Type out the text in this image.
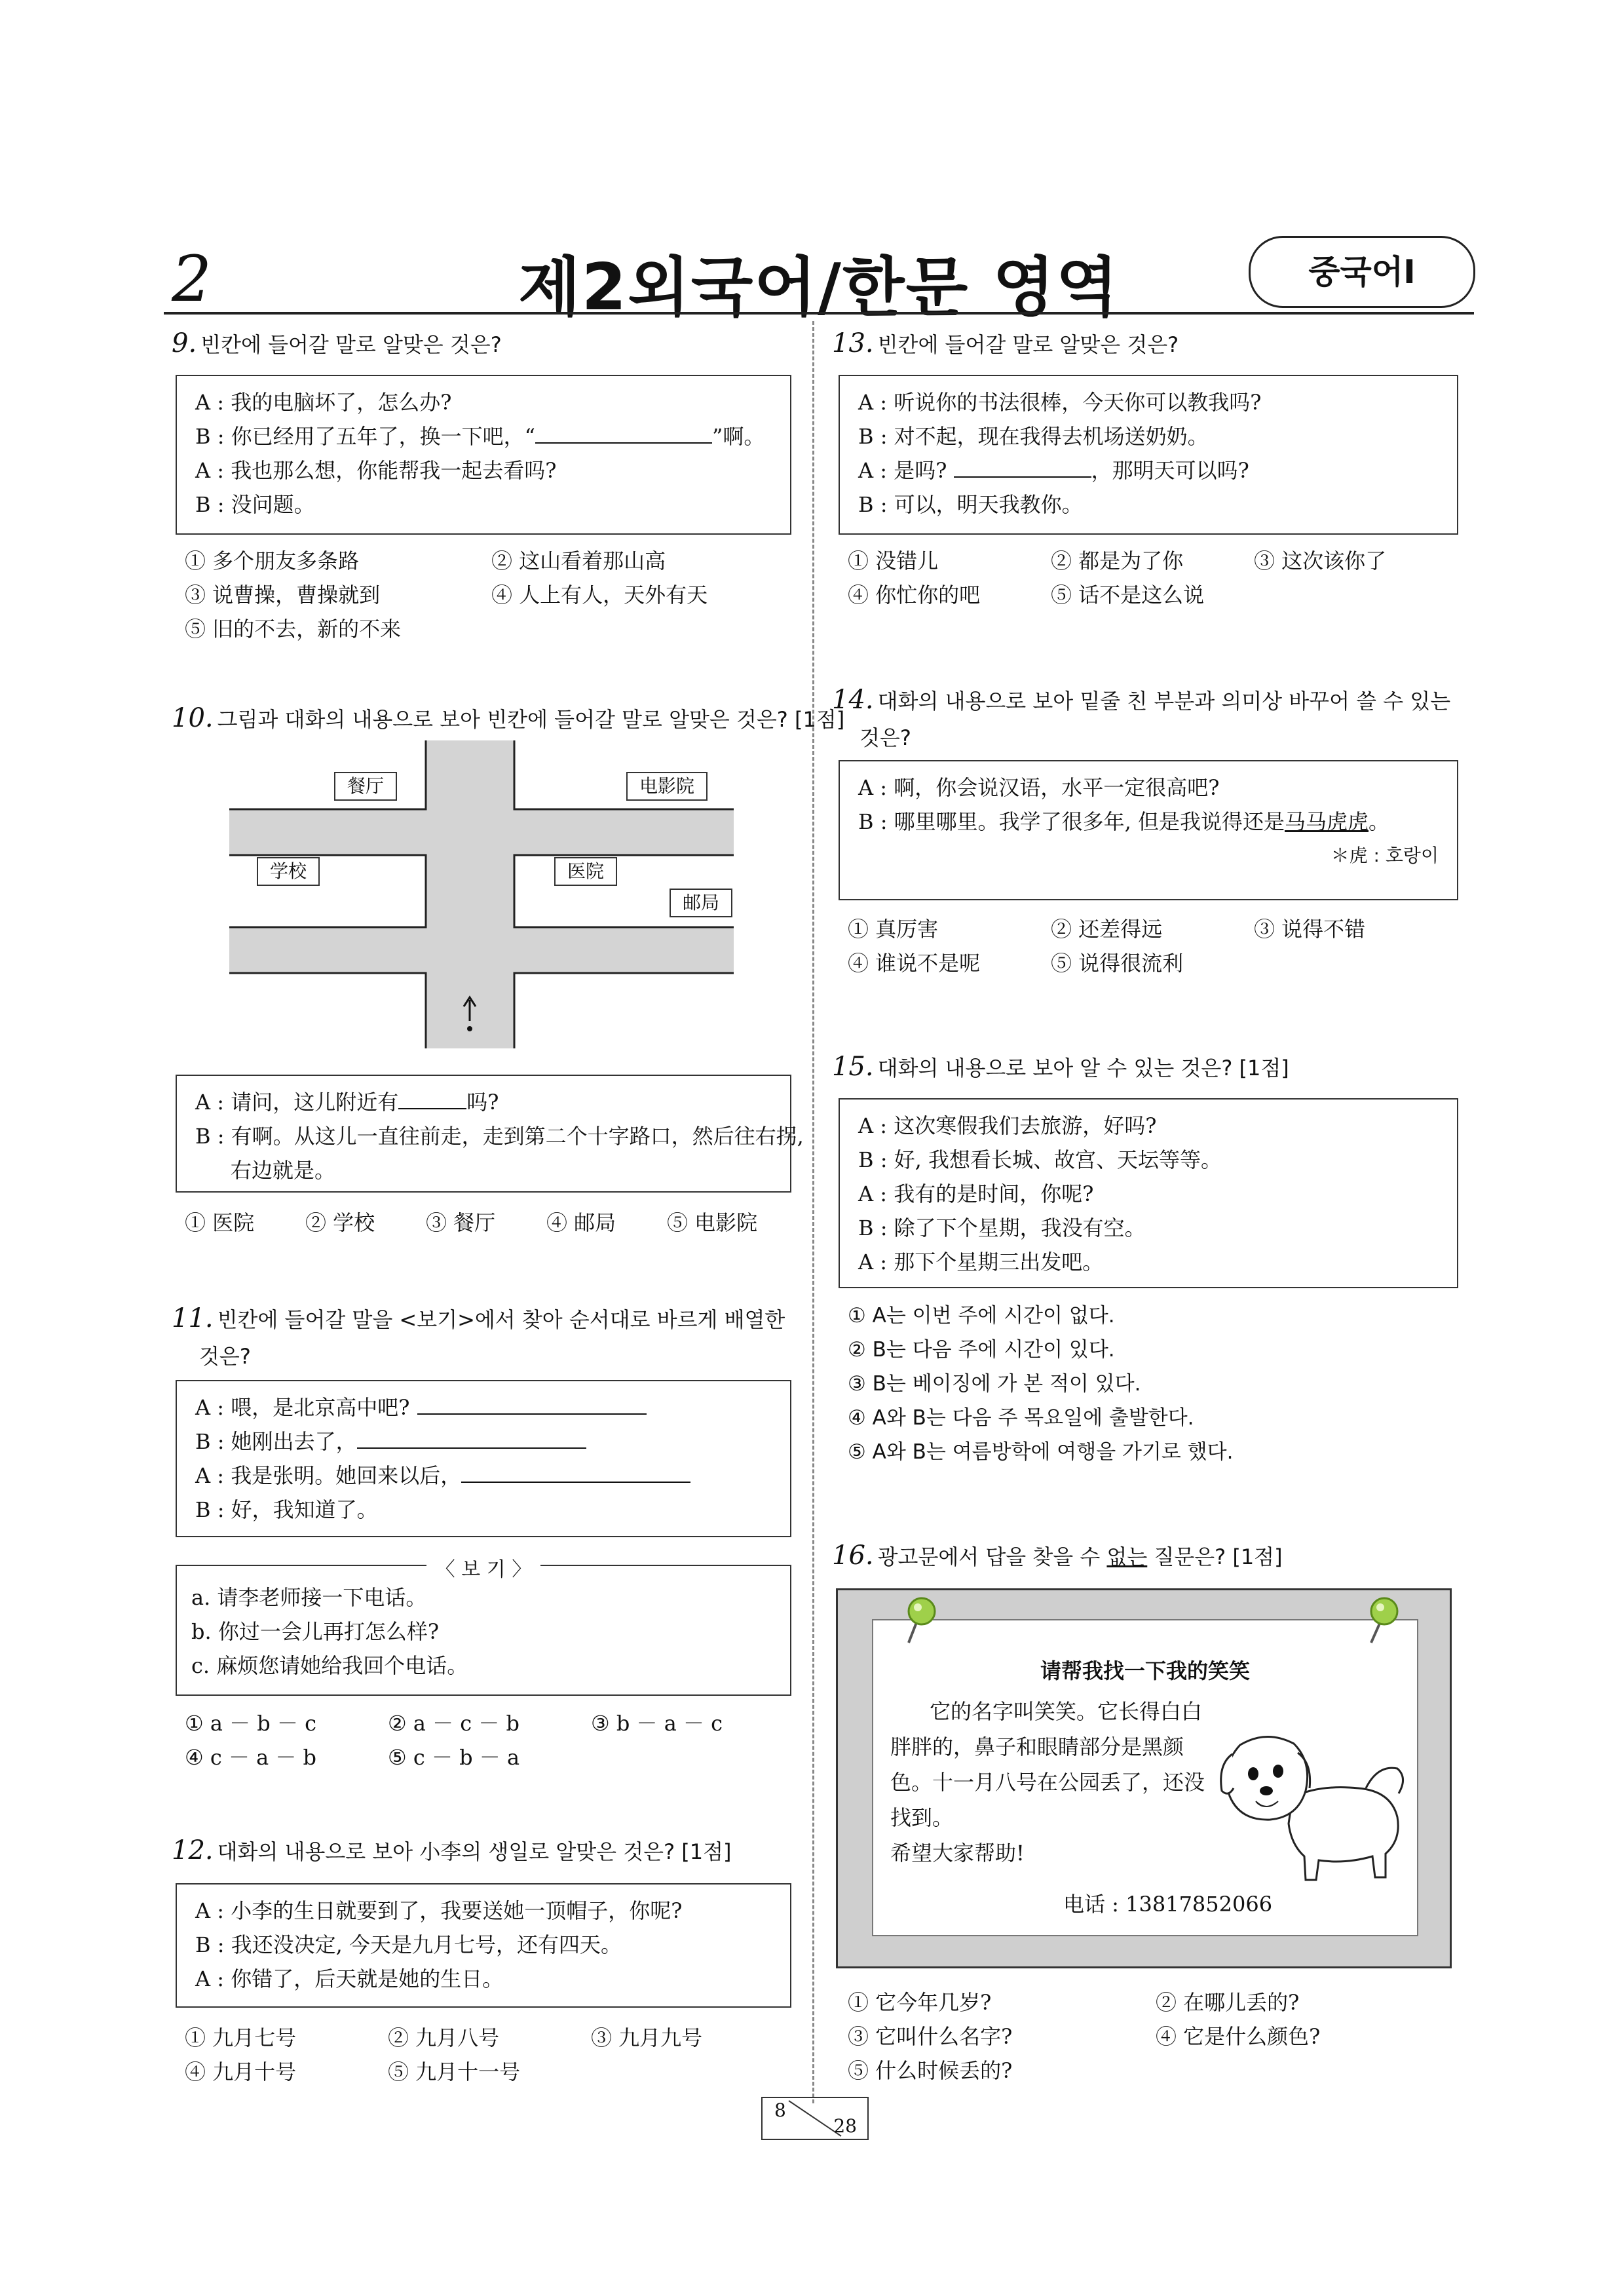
2	제2외국어/한문 영역	중국어Ⅰ
9. 빈칸에 들어갈 말로 알맞은 것은?
A : 我的电脑坏了，怎么办?
B : 你已经用了五年了，换一下吧，“	”啊。
A : 我也那么想，你能帮我一起去看吗?
B : 没问题。
① 多个朋友多条路	② 这山看着那山高
③ 说曹操，曹操就到	④ 人上有人，天外有天
⑤ 旧的不去，新的不来
10. 그림과 대화의 내용으로 보아 빈칸에 들어갈 말로 알맞은 것은? [1점]
餐厅	电影院
学校	医院
邮局
A : 请问，这儿附近有	吗?
B : 有啊。从这儿一直往前走，走到第二个十字路口，然后往右拐,
右边就是。
① 医院 ② 学校 ③ 餐厅 ④ 邮局 ⑤ 电影院
11. 빈칸에 들어갈 말을 <보기>에서 찾아 순서대로 바르게 배열한
것은?
A : 喂，是北京高中吧?
B : 她刚出去了，
A : 我是张明。她回来以后，
B : 好，我知道了。
〈 보 기 〉
a. 请李老师接一下电话。
b. 你过一会儿再打怎么样?
c. 麻烦您请她给我回个电话。
① a － b － c	② a － c － b	③ b － a － c
④ c － a － b	⑤ c － b － a
12. 대화의 내용으로 보아 小李의 생일로 알맞은 것은? [1점]
A : 小李的生日就要到了，我要送她一顶帽子，你呢?
B : 我还没决定, 今天是九月七号，还有四天。
A : 你错了，后天就是她的生日。
① 九月七号	② 九月八号	③ 九月九号
④ 九月十号	⑤ 九月十一号
13. 빈칸에 들어갈 말로 알맞은 것은?
A : 听说你的书法很棒，今天你可以教我吗?
B : 对不起，现在我得去机场送奶奶。
A : 是吗?	，那明天可以吗?
B : 可以，明天我教你。
① 没错儿	② 都是为了你	③ 这次该你了
④ 你忙你的吧	⑤ 话不是这么说
14. 대화의 내용으로 보아 밑줄 친 부분과 의미상 바꾸어 쓸 수 있는
것은?
A : 啊，你会说汉语，水平一定很高吧?
B : 哪里哪里。我学了很多年, 但是我说得还是马马虎虎。
＊虎 : 호랑이
① 真厉害	② 还差得远	③ 说得不错
④ 谁说不是呢	⑤ 说得很流利
15. 대화의 내용으로 보아 알 수 있는 것은? [1점]
A : 这次寒假我们去旅游，好吗?
B : 好, 我想看长城、故宫、天坛等等。
A : 我有的是时间，你呢?
B : 除了下个星期，我没有空。
A : 那下个星期三出发吧。
① A는 이번 주에 시간이 없다.
② B는 다음 주에 시간이 있다.
③ B는 베이징에 가 본 적이 있다.
④ A와 B는 다음 주 목요일에 출발한다.
⑤ A와 B는 여름방학에 여행을 가기로 했다.
16. 광고문에서 답을 찾을 수 없는 질문은? [1점]
请帮我找一下我的笑笑
它的名字叫笑笑。它长得白白
胖胖的，鼻子和眼睛部分是黑颜
色。十一月八号在公园丢了，还没
找到。
希望大家帮助!
电话 : 13817852066
① 它今年几岁?	② 在哪儿丢的?
③ 它叫什么名字?	④ 它是什么颜色?
⑤ 什么时候丢的?
8
28
